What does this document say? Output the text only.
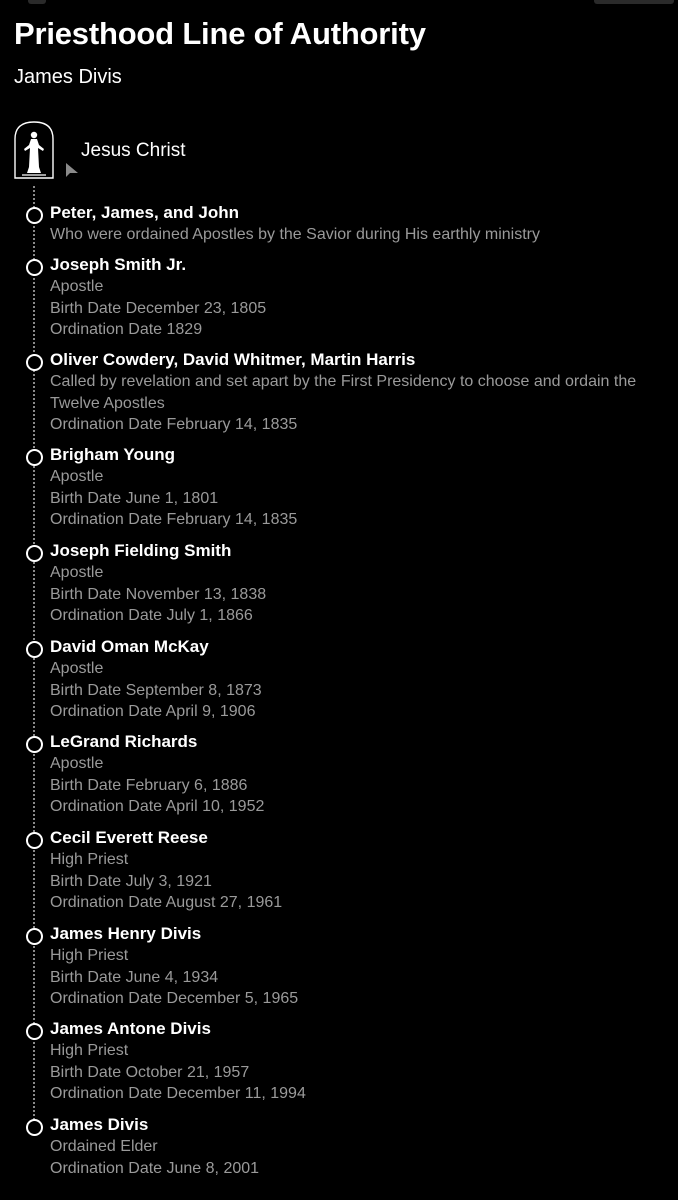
Priesthood Line of Authority
James Divis
Jesus Christ
Peter, James, and John
Who were ordained Apostles by the Savior during His earthly ministry
Joseph Smith Jr.
Apostle
Birth Date December 23, 1805
Ordination Date 1829
Oliver Cowdery, David Whitmer, Martin Harris
Called by revelation and set apart by the First Presidency to choose and ordain the Twelve Apostles
Ordination Date February 14, 1835
Brigham Young
Apostle
Birth Date June 1, 1801
Ordination Date February 14, 1835
Joseph Fielding Smith
Apostle
Birth Date November 13, 1838
Ordination Date July 1, 1866
David Oman McKay
Apostle
Birth Date September 8, 1873
Ordination Date April 9, 1906
LeGrand Richards
Apostle
Birth Date February 6, 1886
Ordination Date April 10, 1952
Cecil Everett Reese
High Priest
Birth Date July 3, 1921
Ordination Date August 27, 1961
James Henry Divis
High Priest
Birth Date June 4, 1934
Ordination Date December 5, 1965
James Antone Divis
High Priest
Birth Date October 21, 1957
Ordination Date December 11, 1994
James Divis
Ordained Elder
Ordination Date June 8, 2001
